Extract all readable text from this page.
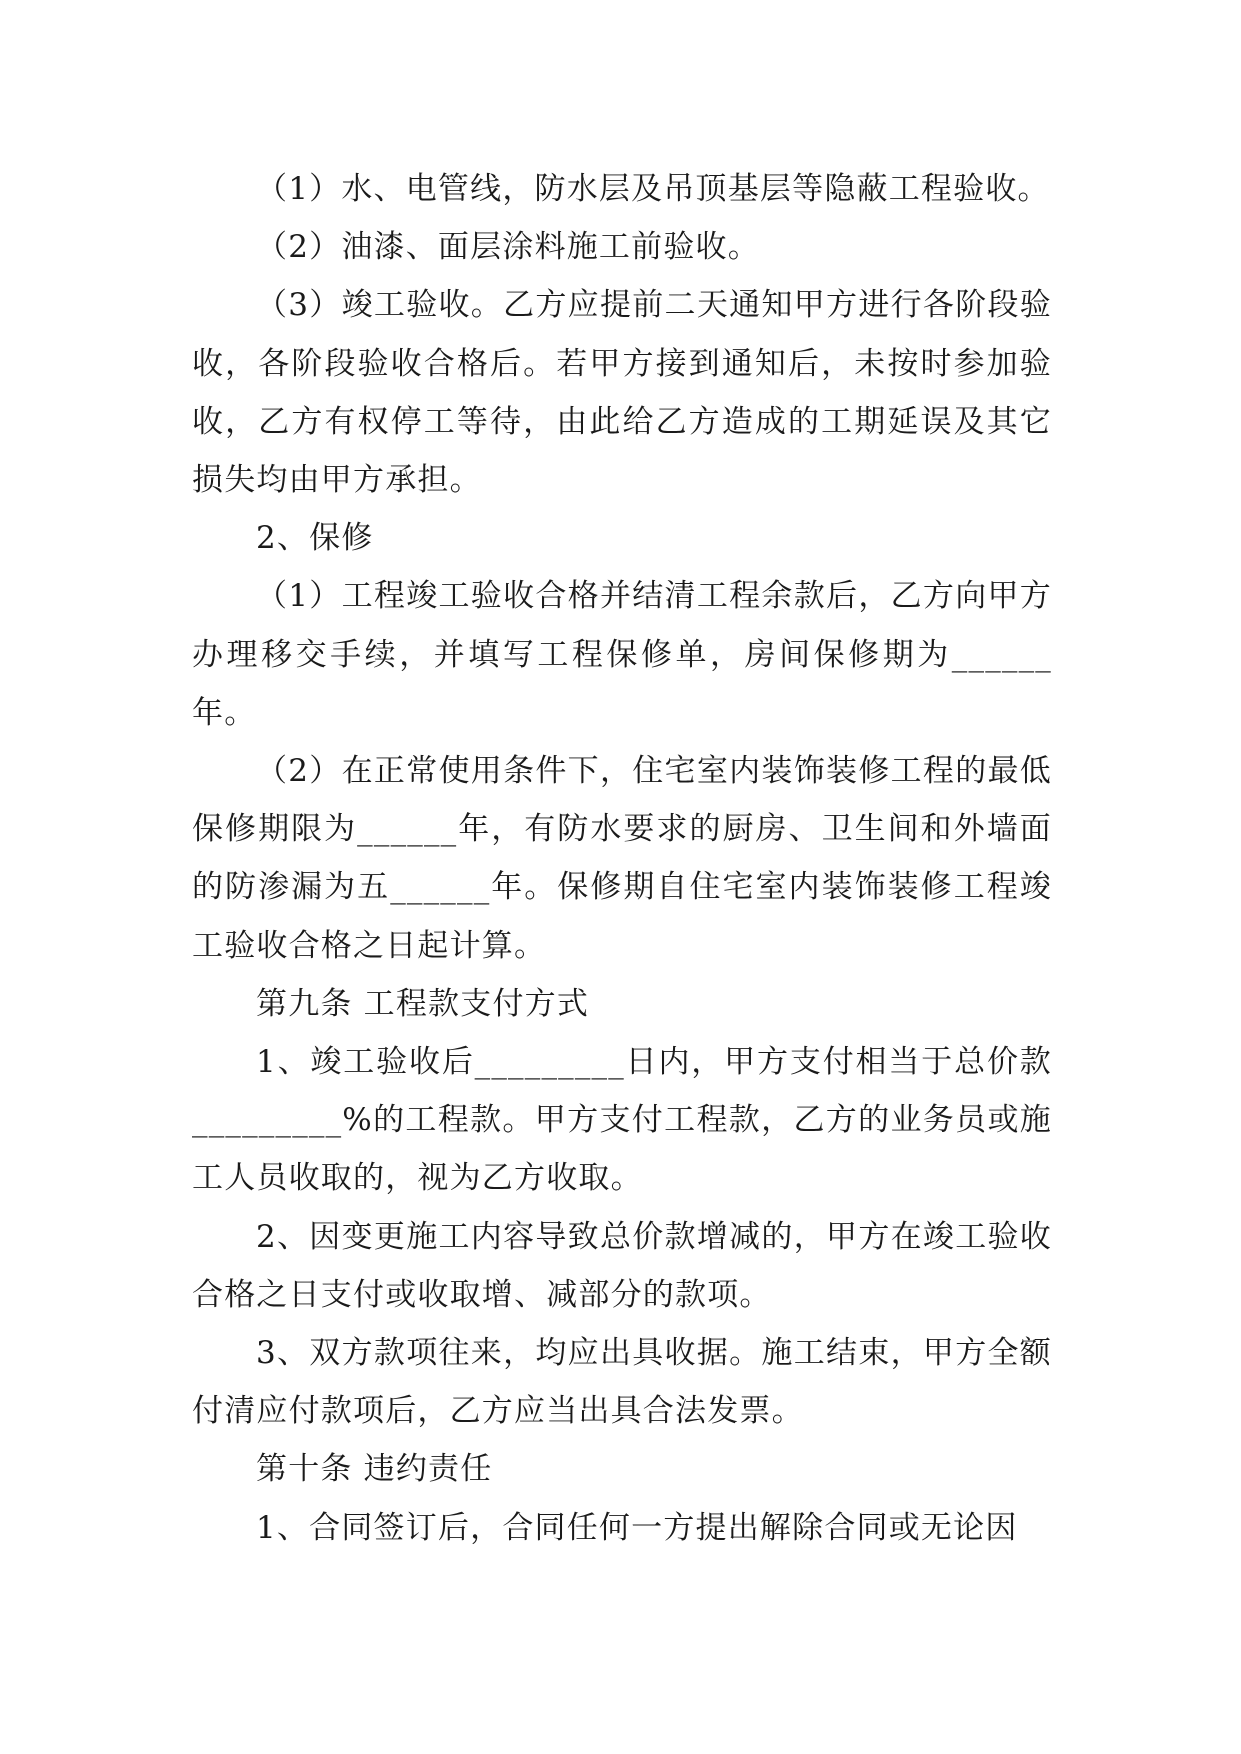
（1）水、电管线，防水层及吊顶基层等隐蔽工程验收。

（2）油漆、面层涂料施工前验收。

（3）竣工验收。乙方应提前二天通知甲方进行各阶段验收，各阶段验收合格后。若甲方接到通知后，未按时参加验收，乙方有权停工等待，由此给乙方造成的工期延误及其它损失均由甲方承担。

2、保修

（1）工程竣工验收合格并结清工程余款后，乙方向甲方办理移交手续，并填写工程保修单，房间保修期为______年。

（2）在正常使用条件下，住宅室内装饰装修工程的最低保修期限为______年，有防水要求的厨房、卫生间和外墙面的防渗漏为五______年。保修期自住宅室内装饰装修工程竣工验收合格之日起计算。

第九条 工程款支付方式

1、竣工验收后_________日内，甲方支付相当于总价款_________%的工程款。甲方支付工程款，乙方的业务员或施工人员收取的，视为乙方收取。

2、因变更施工内容导致总价款增减的，甲方在竣工验收合格之日支付或收取增、减部分的款项。

3、双方款项往来，均应出具收据。施工结束，甲方全额付清应付款项后，乙方应当出具合法发票。

第十条 违约责任

1、合同签订后，合同任何一方提出解除合同或无论因
